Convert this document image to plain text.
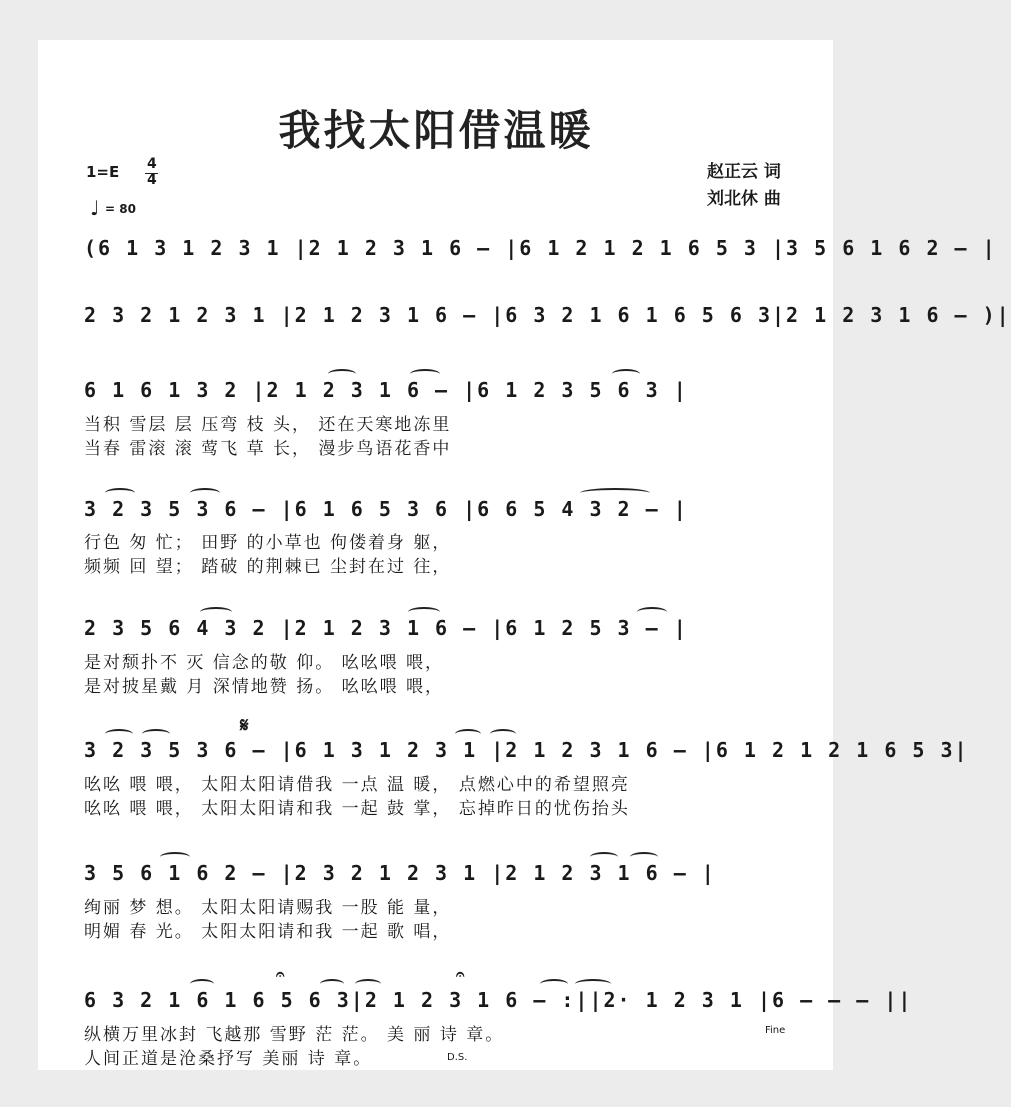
我找太阳借温暖
1=E 4
4
♩ = 80
赵正云 词
刘北休 曲
(6 1 3 1 2 3 1 |2 1 2 3 1 6 – |6 1 2 1 2 1 6 5 3 |3 5 6 1 6 2 – |
2 3 2 1 2 3 1 |2 1 2 3 1 6 – |6 3 2 1 6 1 6 5 6 3|2 1 2 3 1 6 – )|
6 1 6 1 3 2 |2 1 2 3 1 6 – |6 1 2 3 5 6 3 |
3 2 3 5 3 6 – |6 1 6 5 3 6 |6 6 5 4 3 2 – |
2 3 5 6 4 3 2 |2 1 2 3 1 6 – |6 1 2 5 3 – |
3 2 3 5 3 6 – |6 1 3 1 2 3 1 |2 1 2 3 1 6 – |6 1 2 1 2 1 6 5 3|
3 5 6 1 6 2 – |2 3 2 1 2 3 1 |2 1 2 3 1 6 – |
6 3 2 1 6 1 6 5 6 3|2 1 2 3 1 6 – :||2· 1 2 3 1 |6 – – – ||
当积 雪层 层 压弯 枝 头， 还在天寒地冻里
当春 雷滚 滚 莺飞 草 长， 漫步鸟语花香中
行色 匆 忙； 田野 的小草也 佝偻着身 躯，
频频 回 望； 踏破 的荆棘已 尘封在过 往，
是对颓扑不 灭 信念的敬 仰。 吆吆喂 喂，
是对披星戴 月 深情地赞 扬。 吆吆喂 喂，
吆吆 喂 喂， 太阳太阳请借我 一点 温 暖， 点燃心中的希望照亮
吆吆 喂 喂， 太阳太阳请和我 一起 鼓 掌， 忘掉昨日的忧伤抬头
绚丽 梦 想。 太阳太阳请赐我 一股 能 量，
明媚 春 光。 太阳太阳请和我 一起 歌 唱，
纵横万里冰封 飞越那 雪野 茫 茫。 美 丽 诗 章。
人间正道是沧桑抒写 美丽 诗 章。
𝄋
𝄐	𝄐
Fine
D.S.
